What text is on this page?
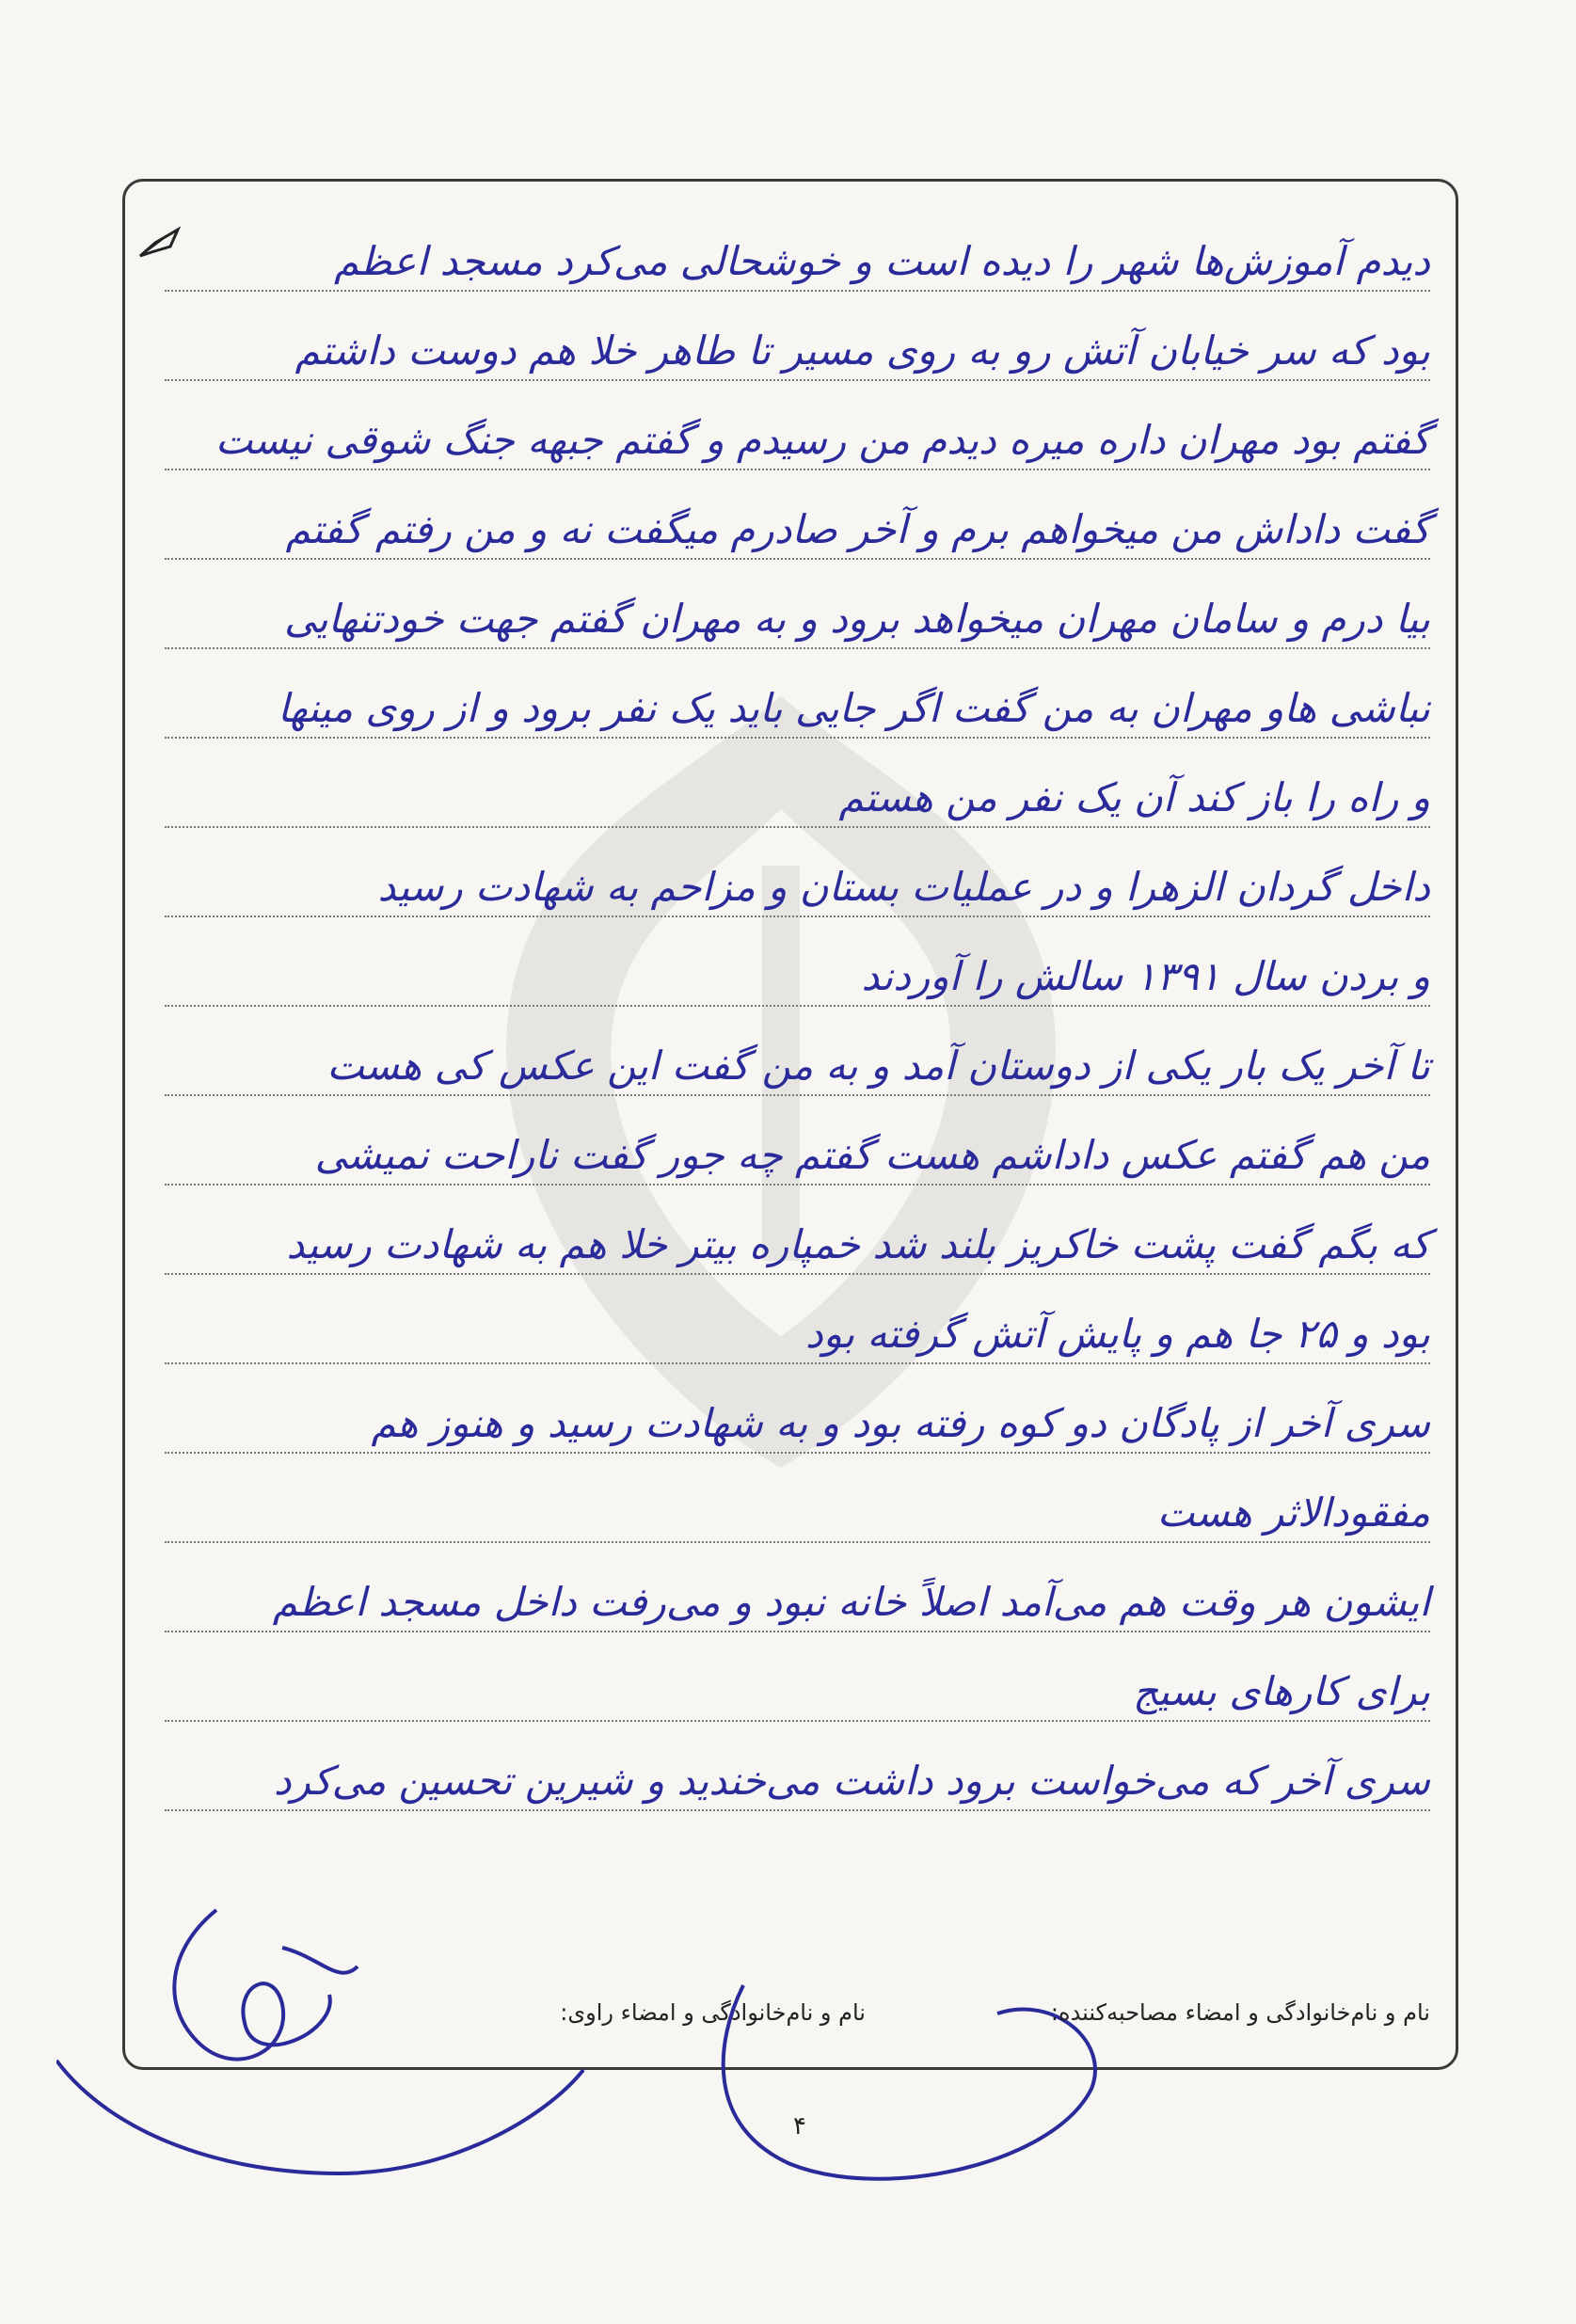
دیدم آموزش‌ها شهر را دیده است و خوشحالی می‌کرد مسجد اعظم
بود که سر خیابان آتش رو به روی مسیر تا طاهر خلا هم دوست داشتم
گفتم بود مهران داره میره دیدم من رسیدم و گفتم جبهه جنگ شوقی نیست
گفت داداش من میخواهم برم و آخر صادرم میگفت نه و من رفتم گفتم
بیا درم و سامان مهران میخواهد برود و به مهران گفتم جهت خودتنهایی
نباشی هاو مهران به من گفت اگر جایی باید یک نفر برود و از روی مینها
و راه را باز کند آن یک نفر من هستم
داخل گردان الزهرا و در عملیات بستان و مزاحم به شهادت رسید
و بردن سال ۱۳۹۱ سالش را آوردند
تا آخر یک بار یکی از دوستان آمد و به من گفت این عکس کی هست
من هم گفتم عکس داداشم هست گفتم چه جور گفت ناراحت نمیشی
که بگم گفت پشت خاکریز بلند شد خمپاره بیتر خلا هم به شهادت رسید
بود و ۲۵ جا هم و پایش آتش گرفته بود
سری آخر از پادگان دو کوه رفته بود و به شهادت رسید و هنوز هم
مفقودالاثر هست
ایشون هر وقت هم می‌آمد اصلاً خانه نبود و می‌رفت داخل مسجد اعظم
برای کارهای بسیج
سری آخر که می‌خواست برود داشت می‌خندید و شیرین تحسین می‌کرد
نام و نام‌خانوادگی و امضاء مصاحبه‌کننده:
نام و نام‌خانوادگی و امضاء راوی:
۴
